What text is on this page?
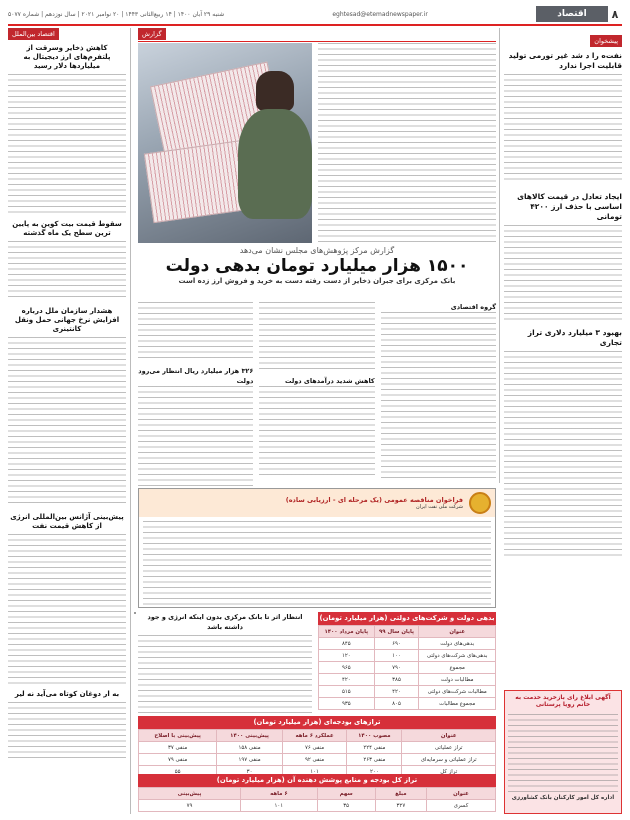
۸
اقتصاد
eghtesad@etemadnewspaper.ir
شنبه ۲۹ آبان ۱۴۰۰ | ۱۴ ربیع‌الثانی ۱۴۴۳ | ۲۰ نوامبر ۲۰۲۱ | سال نوزدهم | شماره ۵۰۷۷
پیشخوان
نفت‌ه را د شد غیر تورمی تولید قابلیت اجرا ندارد
ایجاد تعادل در قیمت کالاهای اساسی با حذف ارز ۴۲۰۰ تومانی
بهبود ۳ میلیارد دلاری تراز تجاری
گزارش
گزارش مرکز پژوهش‌های مجلس نشان می‌دهد
۱۵۰۰ هزار میلیارد تومان بدهی دولت
بانک مرکزی برای جبران ذخایر از دست رفته دست به خرید و فروش ارز زده است
گروه اقتصادی
کاهش شدید درآمدهای دولت
۳۲۶ هزار میلیارد ریال انتظار می‌رود دولت
اقتصاد بین‌الملل
کاهش ذخایر وسرقت از پلتفرم‌های ارز دیجیتال به میلیاردها دلار رسید
سقوط قیمت بیت کوین به پایین ترین سطح یک ماه گذشته
هشدار سازمان ملل درباره افزایش نرخ جهانی حمل ونقل کانتینری
پیش‌بینی آژانس بین‌المللی انرژی از کاهش قیمت نفت
به ار دوغان کوتاه می‌آید نه لیر
فراخوان مناقصه عمومی (یک مرحله ای - ارزیابی ساده)
شرکت ملی نفت ایران
بدهی دولت و شرکت‌های دولتی (هزار میلیارد تومان)
عنوان	پایان سال ۹۹	پایان مرداد ۱۴۰۰
بدهی‌های دولت	۶۹۰	۸۴۵
بدهی‌های شرکت‌های دولتی	۱۰۰	۱۲۰
مجموع	۷۹۰	۹۶۵
مطالبات دولت	۳۸۵	۴۲۰
مطالبات شرکت‌های دولتی	۴۲۰	۵۱۵
مجموع مطالبات	۸۰۵	۹۳۵
انتظار اثر تا بانک مرکزی بدون اینکه انرژی و جود داشته باشد
ترازهای بودجه‌ای (هزار میلیارد تومان)
عنوان	مصوب ۱۴۰۰	عملکرد ۶ ماهه	پیش‌بینی ۱۴۰۰	پیش‌بینی با اصلاح
تراز عملیاتی	منفی ۲۲۴	منفی ۷۶	منفی ۱۵۸	منفی ۳۷
تراز عملیاتی و سرمایه‌ای	منفی ۲۶۳	منفی ۹۲	منفی ۱۹۷	منفی ۷۹
تراز کل	۲۰۰	۱۰۱	۳۰	۵۵
تراز کل بودجه و منابع پوشش دهنده آن (هزار میلیارد تومان)
عنوان	مبلغ	سهم	۶ ماهه	پیش‌بینی
کسری	۳۲۷	۳۵	۱۰۱	۷۹
آگهی ابلاغ رای بازخرید خدمت به خانم رویا پرستانی
اداره کل امور کارکنان بانک کشاورزی
